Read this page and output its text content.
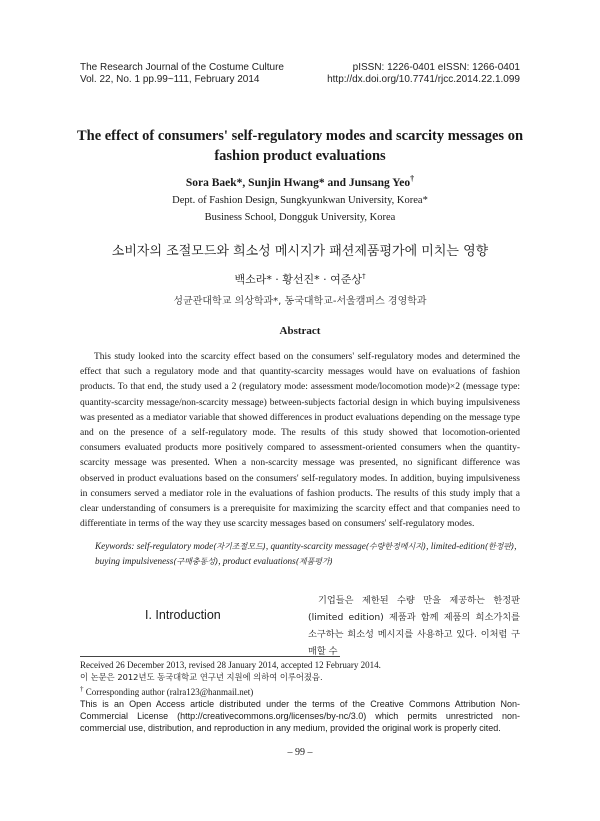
The Research Journal of the Costume Culture
Vol. 22, No. 1 pp.99~111, February 2014
pISSN: 1226-0401 eISSN: 1266-0401
http://dx.doi.org/10.7741/rjcc.2014.22.1.099
The effect of consumers' self-regulatory modes and scarcity messages on fashion product evaluations
Sora Baek*, Sunjin Hwang* and Junsang Yeo†
Dept. of Fashion Design, Sungkyunkwan University, Korea*
Business School, Dongguk University, Korea
소비자의 조절모드와 희소성 메시지가 패션제품평가에 미치는 영향
백소라* · 황선진* · 여준상†
성균관대학교 의상학과*, 동국대학교-서울캠퍼스 경영학과
Abstract
This study looked into the scarcity effect based on the consumers' self-regulatory modes and determined the effect that such a regulatory mode and that quantity-scarcity messages would have on evaluations of fashion products. To that end, the study used a 2 (regulatory mode: assessment mode/locomotion mode)×2 (message type: quantity-scarcity message/non-scarcity message) between-subjects factorial design in which buying impulsiveness was presented as a mediator variable that showed differences in product evaluations depending on the message type and on the presence of a self-regulatory mode. The results of this study showed that locomotion-oriented consumers evaluated products more positively compared to assessment-oriented consumers when the quantity-scarcity message was presented. When a non-scarcity message was presented, no significant difference was observed in product evaluations based on the consumers' self-regulatory modes. In addition, buying impulsiveness in consumers served a mediator role in the evaluations of fashion products. The results of this study imply that a clear understanding of consumers is a prerequisite for maximizing the scarcity effect and that companies need to differentiate in terms of the way they use scarcity messages based on consumers' self-regulatory modes.
Keywords: self-regulatory mode(자기조절모드), quantity-scarcity message(수량한정메시지), limited-edition(한정판), buying impulsiveness(구매충동성), product evaluations(제품평가)
I. Introduction
기업들은 제한된 수량 만을 제공하는 한정판(limited edition) 제품과 함께 제품의 희소가치를 소구하는 희소성 메시지를 사용하고 있다. 이처럼 구매할 수
Received 26 December 2013, revised 28 January 2014, accepted 12 February 2014.
이 논문은 2012년도 동국대학교 연구년 지원에 의하여 이루어졌음.
† Corresponding author (ralra123@hanmail.net)
This is an Open Access article distributed under the terms of the Creative Commons Attribution Non-Commercial License (http://creativecommons.org/licenses/by-nc/3.0) which permits unrestricted non-commercial use, distribution, and reproduction in any medium, provided the original work is properly cited.
– 99 –
